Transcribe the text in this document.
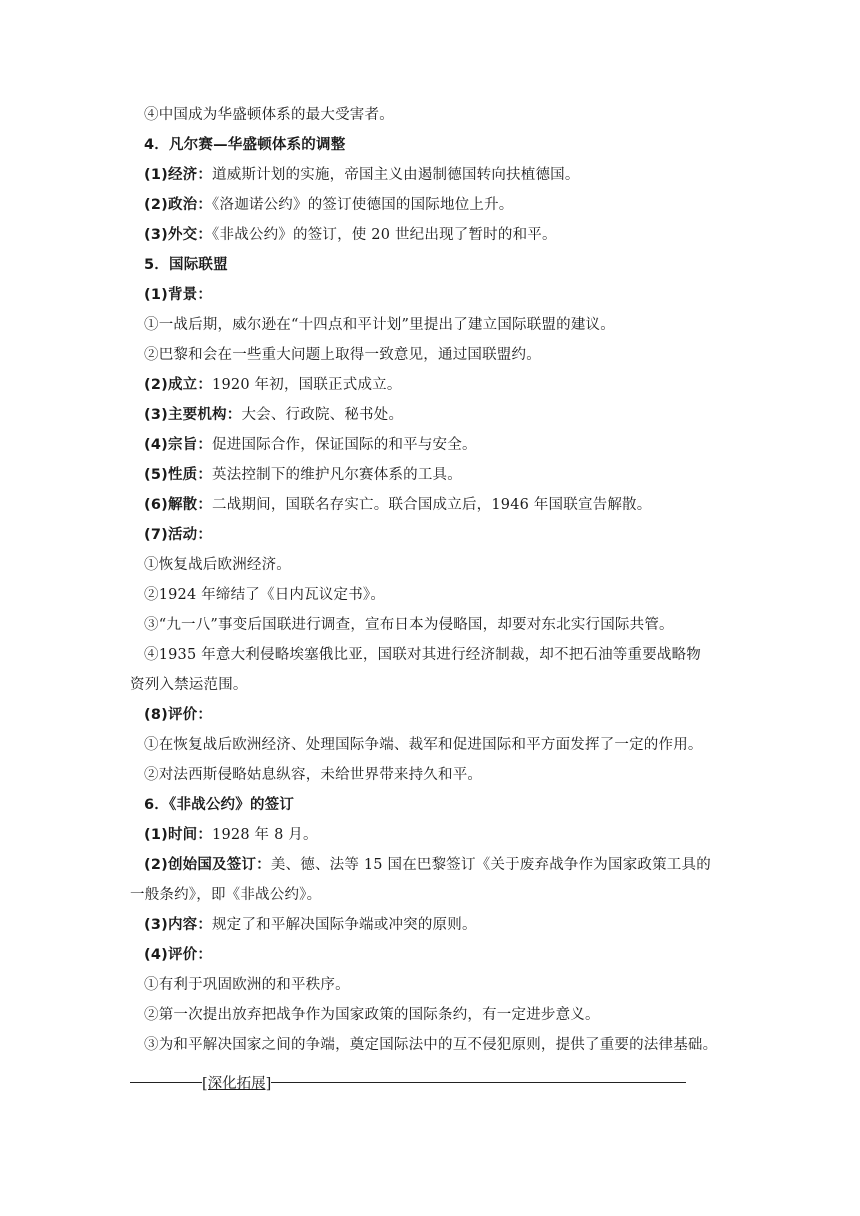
④中国成为华盛顿体系的最大受害者。
4．凡尔赛—华盛顿体系的调整
(1)经济：道威斯计划的实施，帝国主义由遏制德国转向扶植德国。
(2)政治：《洛迦诺公约》的签订使德国的国际地位上升。
(3)外交：《非战公约》的签订，使 20 世纪出现了暂时的和平。
5．国际联盟
(1)背景：
①一战后期，威尔逊在“十四点和平计划”里提出了建立国际联盟的建议。
②巴黎和会在一些重大问题上取得一致意见，通过国联盟约。
(2)成立：1920 年初，国联正式成立。
(3)主要机构：大会、行政院、秘书处。
(4)宗旨：促进国际合作，保证国际的和平与安全。
(5)性质：英法控制下的维护凡尔赛体系的工具。
(6)解散：二战期间，国联名存实亡。联合国成立后，1946 年国联宣告解散。
(7)活动：
①恢复战后欧洲经济。
②1924 年缔结了《日内瓦议定书》。
③“九一八”事变后国联进行调查，宣布日本为侵略国，却要对东北实行国际共管。
④1935 年意大利侵略埃塞俄比亚，国联对其进行经济制裁，却不把石油等重要战略物
资列入禁运范围。
(8)评价：
①在恢复战后欧洲经济、处理国际争端、裁军和促进国际和平方面发挥了一定的作用。
②对法西斯侵略姑息纵容，未给世界带来持久和平。
6．《非战公约》的签订
(1)时间：1928 年 8 月。
(2)创始国及签订：美、德、法等 15 国在巴黎签订《关于废弃战争作为国家政策工具的
一般条约》，即《非战公约》。
(3)内容：规定了和平解决国际争端或冲突的原则。
(4)评价：
①有利于巩固欧洲的和平秩序。
②第一次提出放弃把战争作为国家政策的国际条约，有一定进步意义。
③为和平解决国家之间的争端，奠定国际法中的互不侵犯原则，提供了重要的法律基础。
[深化拓展]
